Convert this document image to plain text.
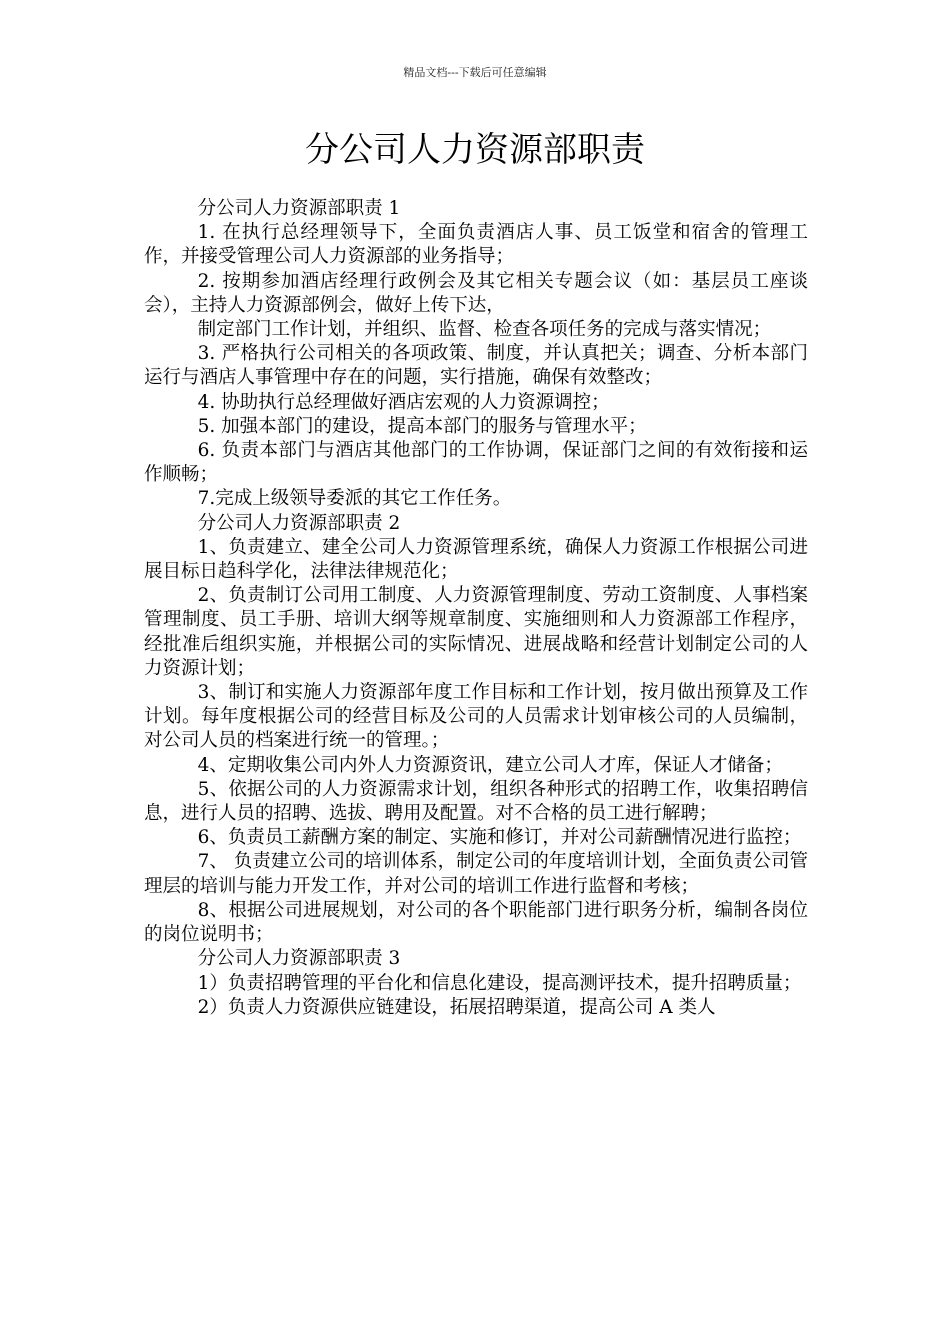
精品文档---下载后可任意编辑
分公司人力资源部职责

分公司人力资源部职责 1

1. 在执行总经理领导下，全面负责酒店人事、员工饭堂和宿舍的管理工作，并接受管理公司人力资源部的业务指导；

2. 按期参加酒店经理行政例会及其它相关专题会议（如：基层员工座谈会），主持人力资源部例会，做好上传下达，

制定部门工作计划，并组织、监督、检查各项任务的完成与落实情况；

3. 严格执行公司相关的各项政策、制度，并认真把关；调查、分析本部门运行与酒店人事管理中存在的问题，实行措施，确保有效整改；

4. 协助执行总经理做好酒店宏观的人力资源调控；

5. 加强本部门的建设，提高本部门的服务与管理水平；

6. 负责本部门与酒店其他部门的工作协调，保证部门之间的有效衔接和运作顺畅；

7.完成上级领导委派的其它工作任务。

分公司人力资源部职责 2

1、负责建立、建全公司人力资源管理系统，确保人力资源工作根据公司进展目标日趋科学化，法律法律规范化；

2、负责制订公司用工制度、人力资源管理制度、劳动工资制度、人事档案管理制度、员工手册、培训大纲等规章制度、实施细则和人力资源部工作程序，经批准后组织实施，并根据公司的实际情况、进展战略和经营计划制定公司的人力资源计划；

3、制订和实施人力资源部年度工作目标和工作计划，按月做出预算及工作计划。每年度根据公司的经营目标及公司的人员需求计划审核公司的人员编制，对公司人员的档案进行统一的管理。；

4、定期收集公司内外人力资源资讯，建立公司人才库，保证人才储备；

5、依据公司的人力资源需求计划，组织各种形式的招聘工作，收集招聘信息，进行人员的招聘、选拔、聘用及配置。对不合格的员工进行解聘；

6、负责员工薪酬方案的制定、实施和修订，并对公司薪酬情况进行监控；

7、 负责建立公司的培训体系，制定公司的年度培训计划，全面负责公司管理层的培训与能力开发工作，并对公司的培训工作进行监督和考核；

8、根据公司进展规划，对公司的各个职能部门进行职务分析，编制各岗位的岗位说明书；

分公司人力资源部职责 3

1）负责招聘管理的平台化和信息化建设，提高测评技术，提升招聘质量；

2）负责人力资源供应链建设，拓展招聘渠道，提高公司 A 类人
